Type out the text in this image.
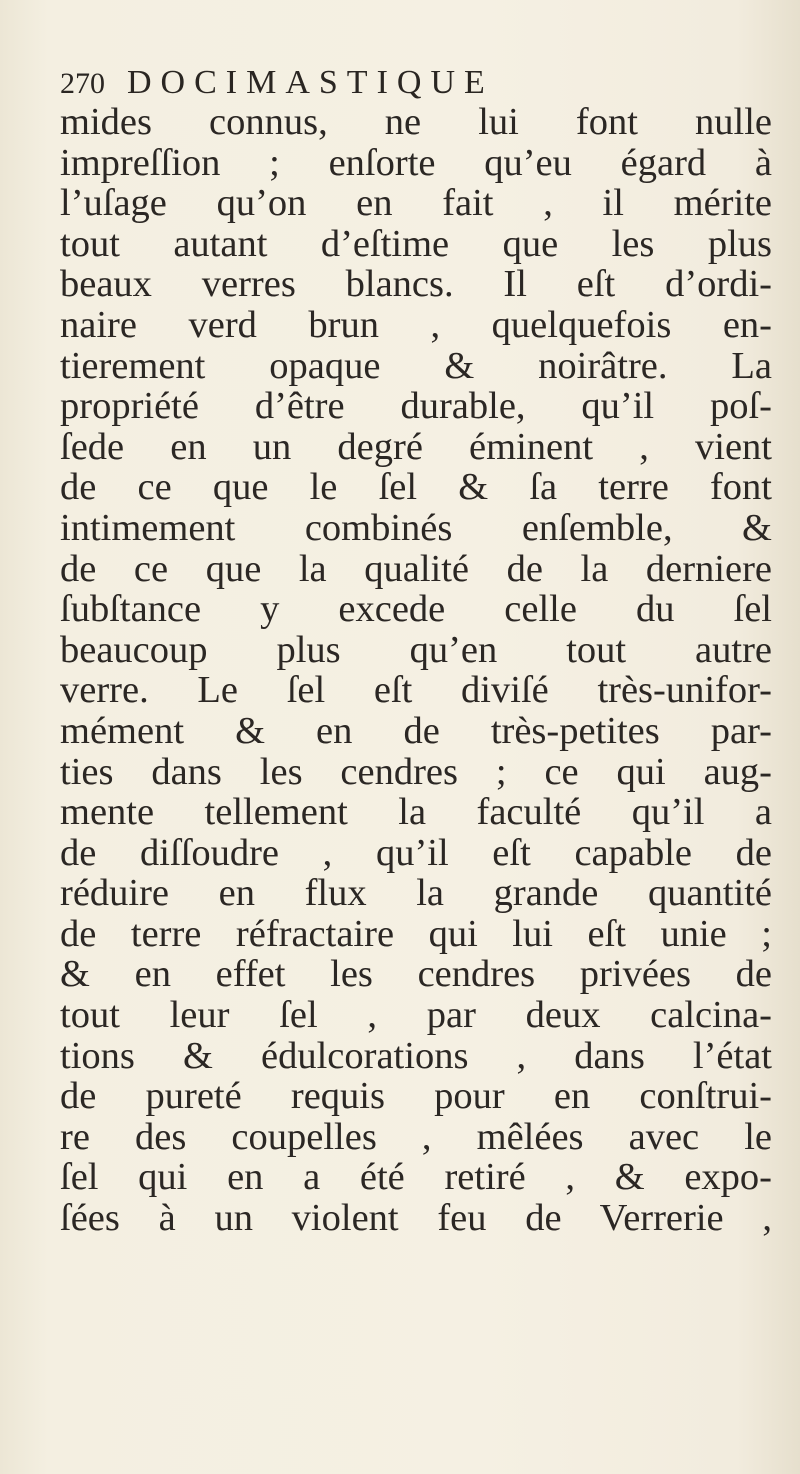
270 DOCIMASTIQUE
mides connus, ne lui font nulle
impreſſion ; enſorte qu’eu égard à
l’uſage qu’on en fait , il mérite
tout autant d’eſtime que les plus
beaux verres blancs. Il eſt d’ordi-
naire verd brun , quelquefois en-
tierement opaque & noirâtre. La
propriété d’être durable, qu’il poſ-
ſede en un degré éminent , vient
de ce que le ſel & ſa terre font
intimement combinés enſemble, &
de ce que la qualité de la derniere
ſubſtance y excede celle du ſel
beaucoup plus qu’en tout autre
verre. Le ſel eſt diviſé très-unifor-
mément & en de très-petites par-
ties dans les cendres ; ce qui aug-
mente tellement la faculté qu’il a
de diſſoudre , qu’il eſt capable de
réduire en flux la grande quantité
de terre réfractaire qui lui eſt unie ;
& en effet les cendres privées de
tout leur ſel , par deux calcina-
tions & édulcorations , dans l’état
de pureté requis pour en conſtrui-
re des coupelles , mêlées avec le
ſel qui en a été retiré , & expo-
ſées à un violent feu de Verrerie ,
